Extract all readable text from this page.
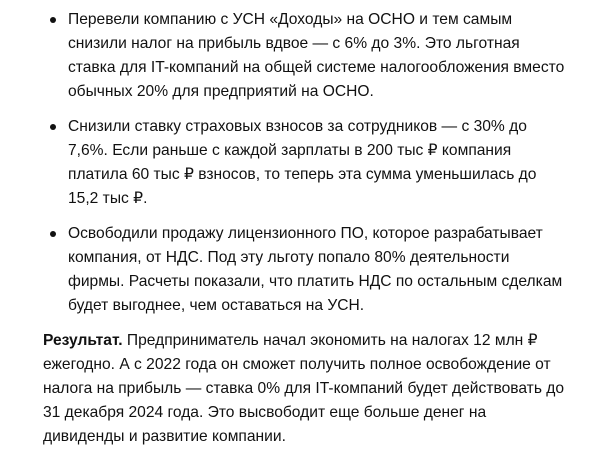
Перевели компанию с УСН «Доходы» на ОСНО и тем самым снизили налог на прибыль вдвое — с 6% до 3%. Это льготная ставка для IT-компаний на общей системе налогообложения вместо обычных 20% для предприятий на ОСНО.
Снизили ставку страховых взносов за сотрудников — с 30% до 7,6%. Если раньше с каждой зарплаты в 200 тыс ₽ компания платила 60 тыс ₽ взносов, то теперь эта сумма уменьшилась до 15,2 тыс ₽.
Освободили продажу лицензионного ПО, которое разрабатывает компания, от НДС. Под эту льготу попало 80% деятельности фирмы. Расчеты показали, что платить НДС по остальным сделкам будет выгоднее, чем оставаться на УСН.

Результат. Предприниматель начал экономить на налогах 12 млн ₽ ежегодно. А с 2022 года он сможет получить полное освобождение от налога на прибыль — ставка 0% для IT-компаний будет действовать до 31 декабря 2024 года. Это высвободит еще больше денег на дивиденды и развитие компании.
